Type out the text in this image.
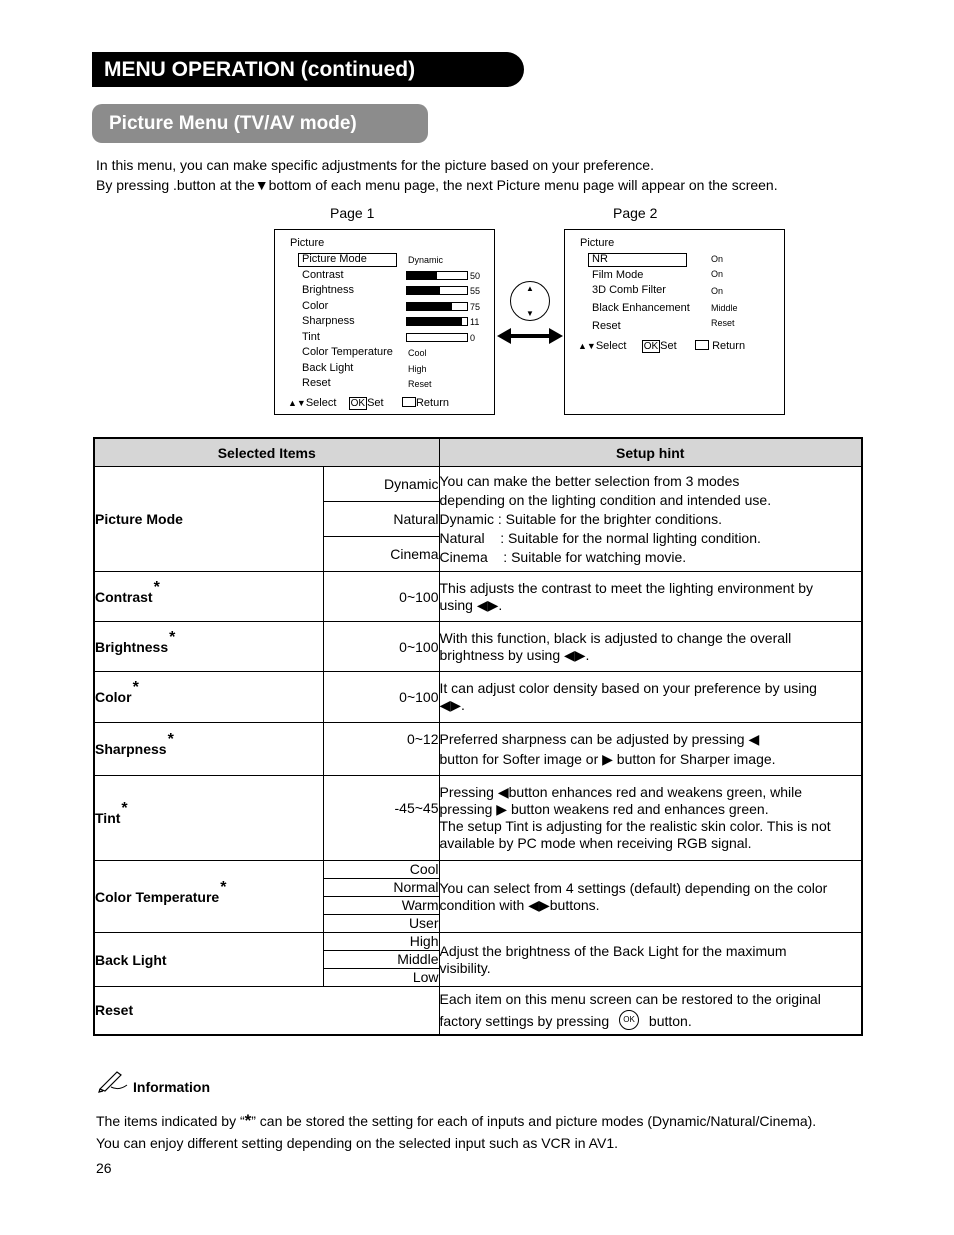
MENU OPERATION (continued)
Picture Menu (TV/AV mode)
In this menu, you can make specific adjustments for the picture based on your preference.
By pressing .button at the▼bottom of each menu page, the next Picture menu page will appear on the screen.
Page 1
Picture
Picture Mode	Dynamic
Contrast	50
Brightness	55
Color	75
Sharpness	11
Tint	0
Color Temperature Cool
Back Light	High
Reset	Reset
▲▼Select OK Set	Return
▲
▼
Page 2
Picture
NR	On
Film Mode	On
3D Comb Filter	On
Black Enhancement Middle
Reset	Reset
▲▼Select OK Set	Return
Selected Items		Setup hint
Picture Mode	Dynamic	You can make the better selection from 3 modes
depending on the lighting condition and intended use.
Dynamic : Suitable for the brighter conditions.
Natural    : Suitable for the normal lighting condition.
Cinema    : Suitable for watching movie.

	Natural	
	Cinema	
Contrast*	0~100	This adjusts the contrast to meet the lighting environment by
using ◀▶.

Brightness*	0~100	With this function, black is adjusted to change the overall
brightness by using ◀▶.

Color*	0~100	It can adjust color density based on your preference by using
◀▶.

Sharpness*	0~12	Preferred sharpness can be adjusted by pressing ◀
button for Softer image or ▶ button for Sharper image.

Tint*	-45~45	Pressing ◀button enhances red and weakens green, while
pressing ▶ button weakens red and enhances green.
The setup Tint is adjusting for the realistic skin color. This is not
available by PC mode when receiving RGB signal.

Color Temperature*	Cool	You can select from 4 settings (default) depending on the color
condition with ◀▶buttons.

	Normal	
	Warm	
	User	
Back Light	High	Adjust the brightness of the Back Light for the maximum
visibility.

	Middle	
	Low	
Reset		Each item on this menu screen can be restored to the original
factory settings by pressing OK button.
Information
The items indicated by “*” can be stored the setting for each of inputs and picture modes (Dynamic/Natural/Cinema).
You can enjoy different setting depending on the selected input such as VCR in AV1.
26
